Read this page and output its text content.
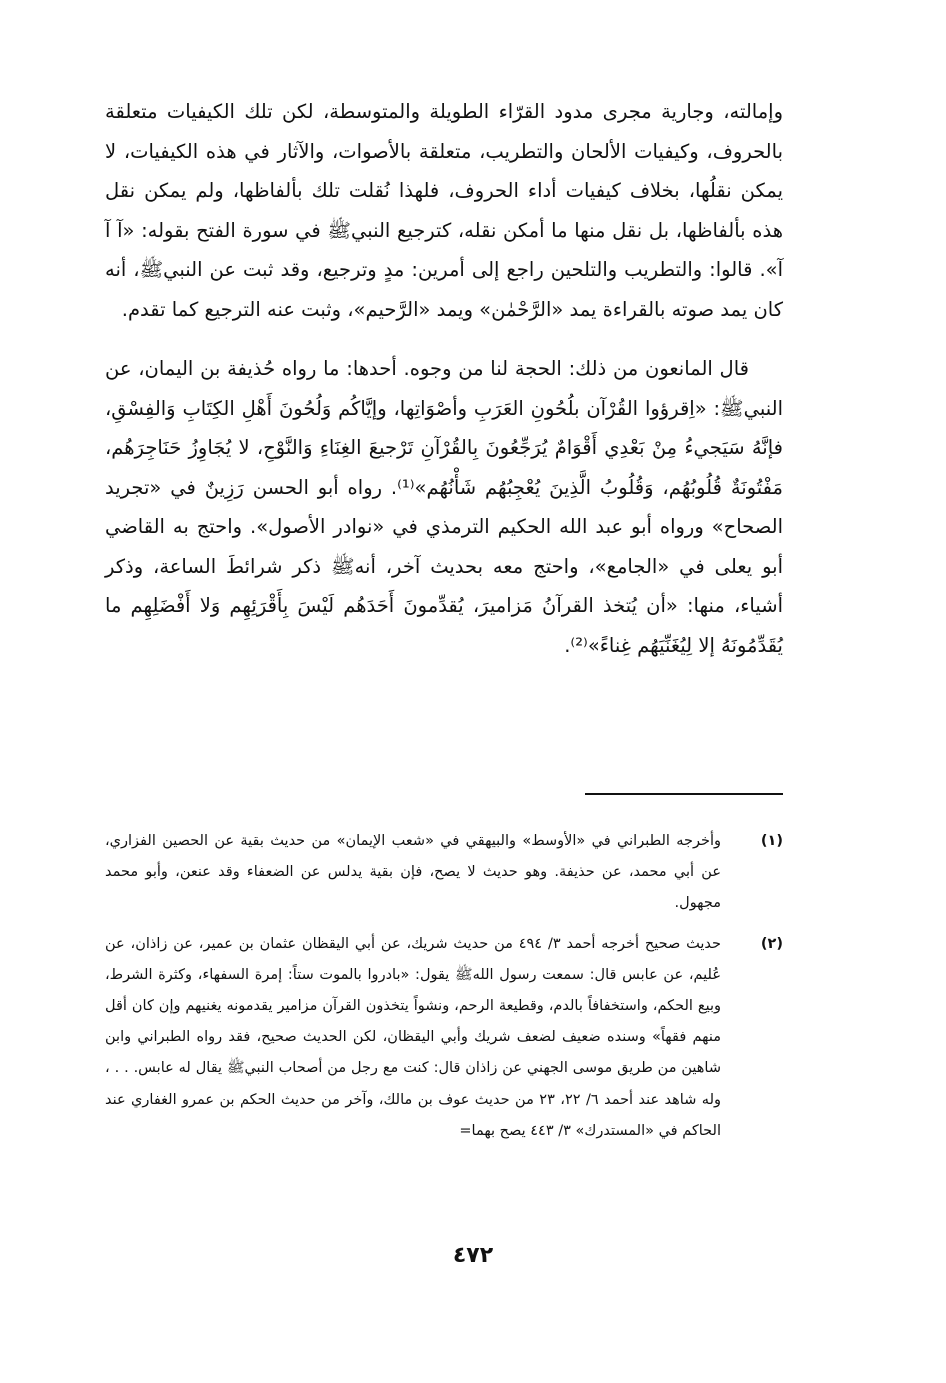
وإمالته، وجارية مجرى مدود القرّاء الطويلة والمتوسطة، لكن تلك الكيفيات متعلقة بالحروف، وكيفيات الألحان والتطريب، متعلقة بالأصوات، والآثار في هذه الكيفيات، لا يمكن نقلُها، بخلاف كيفيات أداء الحروف، فلهذا نُقلت تلك بألفاظها، ولم يمكن نقل هذه بألفاظها، بل نقل منها ما أمكن نقله، كترجيع النبيﷺ في سورة الفتح بقوله: «آ آ آ». قالوا: والتطريب والتلحين راجع إلى أمرين: مدٍ وترجيع، وقد ثبت عن النبيﷺ، أنه كان يمد صوته بالقراءة يمد «الرَّحْمٰن» ويمد «الرَّحيم»، وثبت عنه الترجيع كما تقدم.

قال المانعون من ذلك: الحجة لنا من وجوه. أحدها: ما رواه حُذيفة بن اليمان، عن النبيﷺ: «اِقرؤوا القُرْآن بلُحُونِ العَرَبِ وأصْوَاتِها، وإيَّاكُم وَلُحُونَ أَهْلِ الكِتَابِ وَالفِسْقِ، فإنَّهُ سَيَجيءُ مِنْ بَعْدِي أَقْوَامٌ يُرَجِّعُونَ بِالقُرْآنِ تَرْجيعَ الغِنَاءِ وَالنَّوْحِ، لا يُجَاوِزُ حَنَاجِرَهُم، مَفْتُونَةٌ قُلُوبُهُم، وَقُلُوبُ الَّذِينَ يُعْجِبُهُم شَأْنُهُم»⁽¹⁾. رواه أبو الحسن رَزِينٌ في «تجريد الصحاح» ورواه أبو عبد الله الحكيم الترمذي في «نوادر الأصول». واحتج به القاضي أبو يعلى في «الجامع»، واحتج معه بحديث آخر، أنهﷺ ذكر شرائطَ الساعة، وذكر أشياء، منها: «أن يُتخذ القرآنُ مَزاميرَ، يُقدِّمونَ أَحَدَهُم لَيْسَ بِأَقْرَئِهِم وَلا أَفْضَلِهِم ما يُقَدِّمُونَهُ إلا لِيُغَنِّيَهُم غِناءً»⁽²⁾.

(١)
وأخرجه الطبراني في «الأوسط» والبيهقي في «شعب الإيمان» من حديث بقية عن الحصين الفزاري، عن أبي محمد، عن حذيفة. وهو حديث لا يصح، فإن بقية يدلس عن الضعفاء وقد عنعن، وأبو محمد مجهول.
(٢)
حديث صحيح أخرجه أحمد ٣/ ٤٩٤ من حديث شريك، عن أبي اليقظان عثمان بن عمير، عن زاذان، عن عُليم، عن عابس قال: سمعت رسول اللهﷺ يقول: «بادروا بالموت ستاً: إمرة السفهاء، وكثرة الشرط، وبيع الحكم، واستخفافاً بالدم، وقطيعة الرحم، ونشواً يتخذون القرآن مزامير يقدمونه يغنيهم وإن كان أقل منهم فقهاً» وسنده ضعيف لضعف شريك وأبي اليقظان، لكن الحديث صحيح، فقد رواه الطبراني وابن شاهين من طريق موسى الجهني عن زاذان قال: كنت مع رجل من أصحاب النبيﷺ يقال له عابس. . . ، وله شاهد عند أحمد ٦/ ٢٢، ٢٣ من حديث عوف بن مالك، وآخر من حديث الحكم بن عمرو الغفاري عند الحاكم في «المستدرك» ٣/ ٤٤٣ يصح بهما=
٤٧٢
